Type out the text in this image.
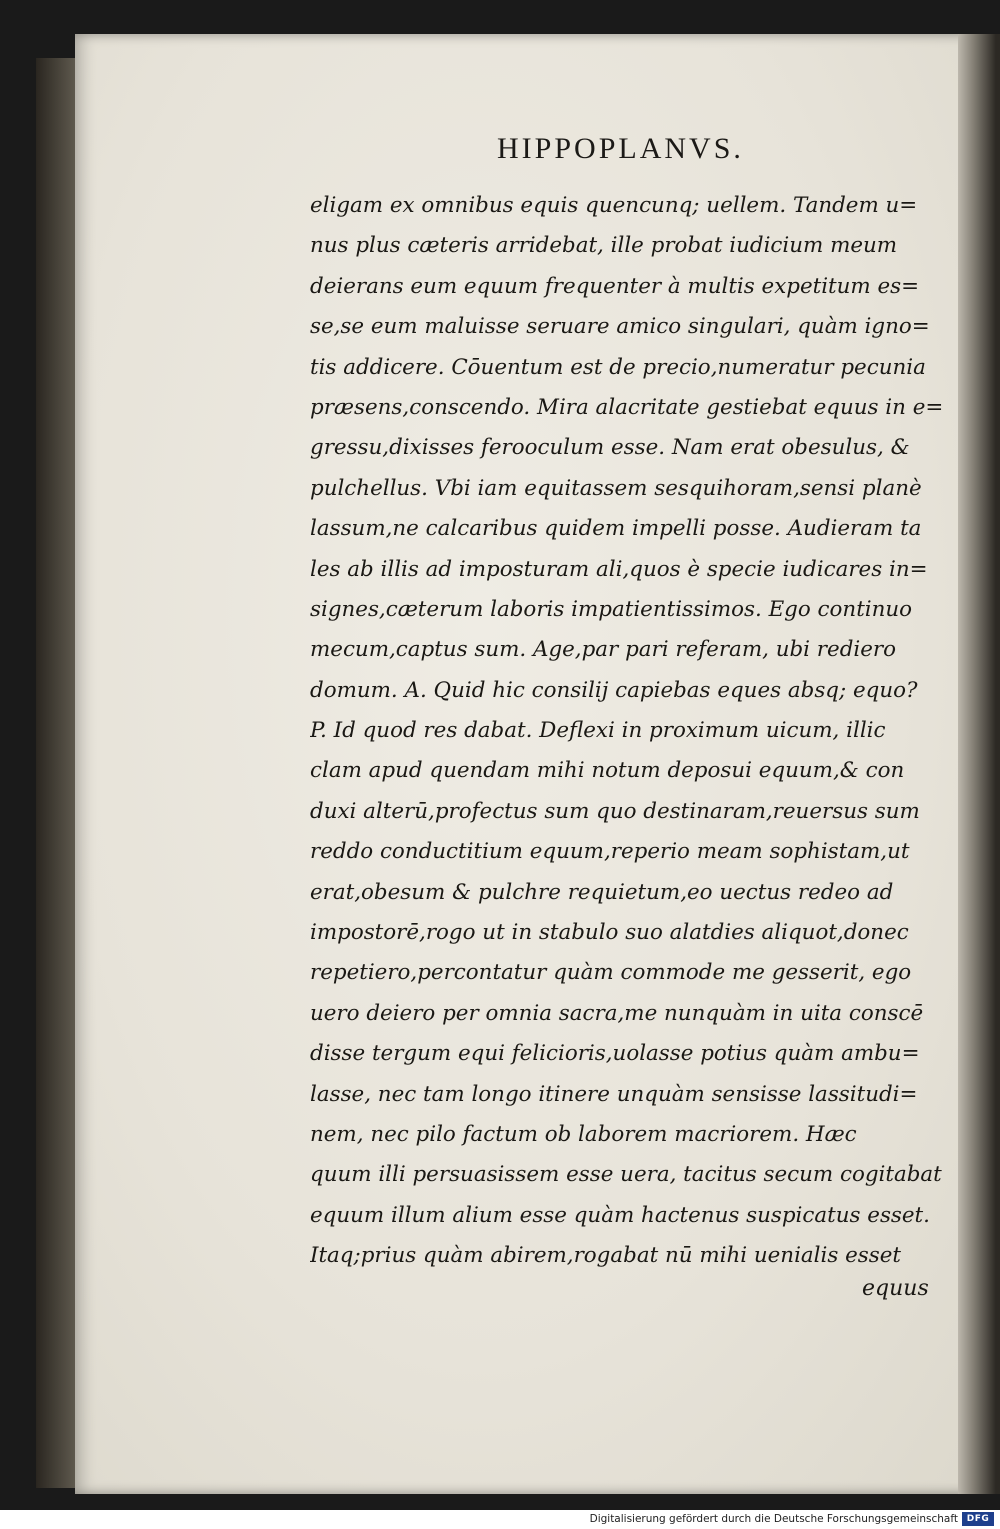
HIPPOPLANVS.
eligam ex omnibus equis quencunq; uellem. Tandem u=
nus plus cæteris arridebat, ille probat iudicium meum
deierans eum equum frequenter à multis expetitum es=
se,se eum maluisse seruare amico singulari, quàm igno=
tis addicere. Cōuentum est de precio,numeratur pecunia
præsens,conscendo. Mira alacritate gestiebat equus in e=
gressu,dixisses ferooculum esse. Nam erat obesulus, &
pulchellus. Vbi iam equitassem sesquihoram,sensi planè
lassum,ne calcaribus quidem impelli posse. Audieram ta
les ab illis ad imposturam ali,quos è specie iudicares in=
signes,cæterum laboris impatientissimos. Ego continuo
mecum,captus sum. Age,par pari referam, ubi rediero
domum. A. Quid hic consilij capiebas eques absq; equo?
P. Id quod res dabat. Deflexi in proximum uicum, illic
clam apud quendam mihi notum deposui equum,& con
duxi alterū,profectus sum quo destinaram,reuersus sum
reddo conductitium equum,reperio meam sophistam,ut
erat,obesum & pulchre requietum,eo uectus redeo ad
impostorē,rogo ut in stabulo suo alatdies aliquot,donec
repetiero,percontatur quàm commode me gesserit, ego
uero deiero per omnia sacra,me nunquàm in uita conscē
disse tergum equi felicioris,uolasse potius quàm ambu=
lasse, nec tam longo itinere unquàm sensisse lassitudi=
nem, nec pilo factum ob laborem macriorem. Hæc
quum illi persuasissem esse uera, tacitus secum cogitabat
equum illum alium esse quàm hactenus suspicatus esset.
Itaq;prius quàm abirem,rogabat nū mihi uenialis esset
equus
Digitalisierung gefördert durch die Deutsche Forschungsgemeinschaft DFG
